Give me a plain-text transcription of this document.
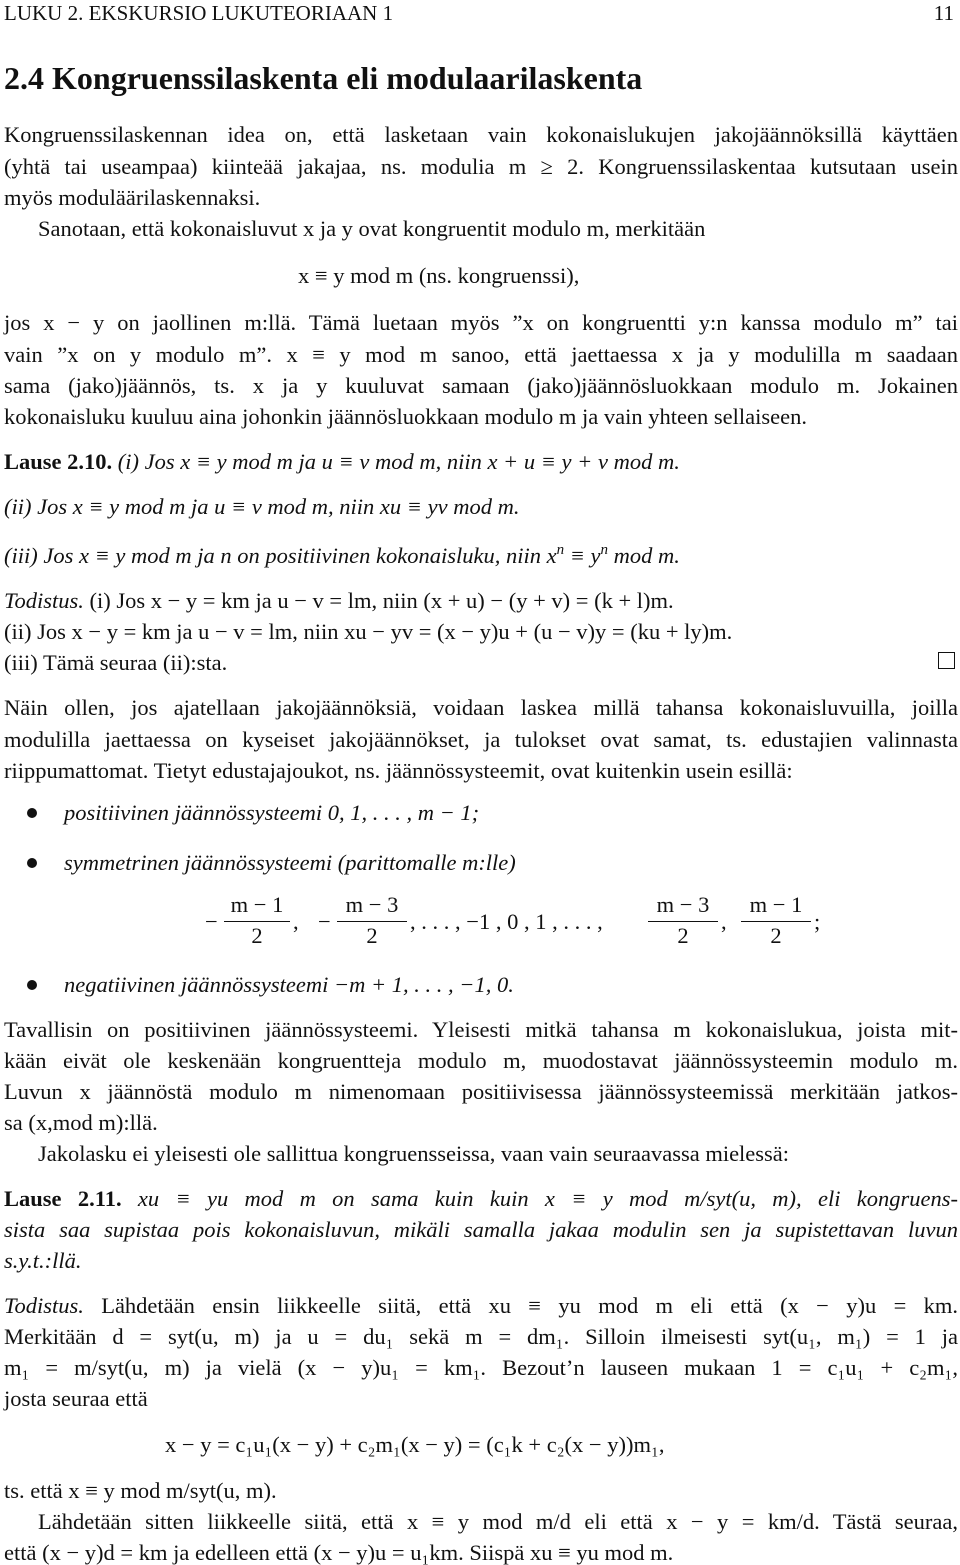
LUKU 2. EKSKURSIO LUKUTEORIAAN 1	11
2.4 Kongruenssilaskenta eli modulaarilaskenta
Kongruenssilaskennan idea on, että lasketaan vain kokonaislukujen jakojäännöksillä käyttäen
(yhtä tai useampaa) kiinteää jakajaa, ns. modulia m ≥ 2. Kongruenssilaskentaa kutsutaan usein
myös moduläärilaskennaksi.
Sanotaan, että kokonaisluvut x ja y ovat kongruentit modulo m, merkitään
x ≡ y mod m (ns. kongruenssi),
jos x − y on jaollinen m:llä. Tämä luetaan myös ”x on kongruentti y:n kanssa modulo m” tai
vain ”x on y modulo m”. x ≡ y mod m sanoo, että jaettaessa x ja y modulilla m saadaan
sama (jako)jäännös, ts. x ja y kuuluvat samaan (jako)jäännösluokkaan modulo m. Jokainen
kokonaisluku kuuluu aina johonkin jäännösluokkaan modulo m ja vain yhteen sellaiseen.
Lause 2.10. (i) Jos x ≡ y mod m ja u ≡ v mod m, niin x + u ≡ y + v mod m.
(ii) Jos x ≡ y mod m ja u ≡ v mod m, niin xu ≡ yv mod m.
(iii) Jos x ≡ y mod m ja n on positiivinen kokonaisluku, niin $x^n \equiv y^n$ mod m.
Todistus. (i) Jos x − y = km ja u − v = lm, niin (x + u) − (y + v) = (k + l)m.
(ii) Jos x − y = km ja u − v = lm, niin xu − yv = (x − y)u + (u − v)y = (ku + ly)m.
(iii) Tämä seuraa (ii):sta.
Näin ollen, jos ajatellaan jakojäännöksiä, voidaan laskea millä tahansa kokonaisluvuilla, joilla
modulilla jaettaessa on kyseiset jakojäännökset, ja tulokset ovat samat, ts. edustajien valinnasta
riippumattomat. Tietyt edustajajoukot, ns. jäännössysteemit, ovat kuitenkin usein esillä:
positiivinen jäännössysteemi 0, 1, . . . , m − 1;
symmetrinen jäännössysteemi (parittomalle m:lle)
−
m − 1
2
, −
m − 3
2
, . . . , −1 , 0 , 1 , . . . ,
m − 3
2
,
m − 1
2
;
negatiivinen jäännössysteemi −m + 1, . . . , −1, 0.
Tavallisin on positiivinen jäännössysteemi. Yleisesti mitkä tahansa m kokonaislukua, joista mit-
kään eivät ole keskenään kongruentteja modulo m, muodostavat jäännössysteemin modulo m.
Luvun x jäännöstä modulo m nimenomaan positiivisessa jäännössysteemissä merkitään jatkos-
sa (x,mod m):llä.
Jakolasku ei yleisesti ole sallittua kongruensseissa, vaan vain seuraavassa mielessä:
Lause 2.11. xu ≡ yu mod m on sama kuin kuin x ≡ y mod m/syt(u, m), eli kongruens-
sista saa supistaa pois kokonaisluvun, mikäli samalla jakaa modulin sen ja supistettavan luvun
s.y.t.:llä.
Todistus. Lähdetään ensin liikkeelle siitä, että xu ≡ yu mod m eli että (x − y)u = km.
Merkitään d = syt(u, m) ja u = du₁ sekä m = dm₁. Silloin ilmeisesti syt(u₁, m₁) = 1 ja
m₁ = m/syt(u, m) ja vielä (x − y)u₁ = km₁. Bezout’n lauseen mukaan 1 = c₁u₁ + c₂m₁,
josta seuraa että
x − y = c₁u₁(x − y) + c₂m₁(x − y) = (c₁k + c₂(x − y))m₁,
ts. että x ≡ y mod m/syt(u, m).
Lähdetään sitten liikkeelle siitä, että x ≡ y mod m/d eli että x − y = km/d. Tästä seuraa,
että (x − y)d = km ja edelleen että (x − y)u = u₁km. Siispä xu ≡ yu mod m.
